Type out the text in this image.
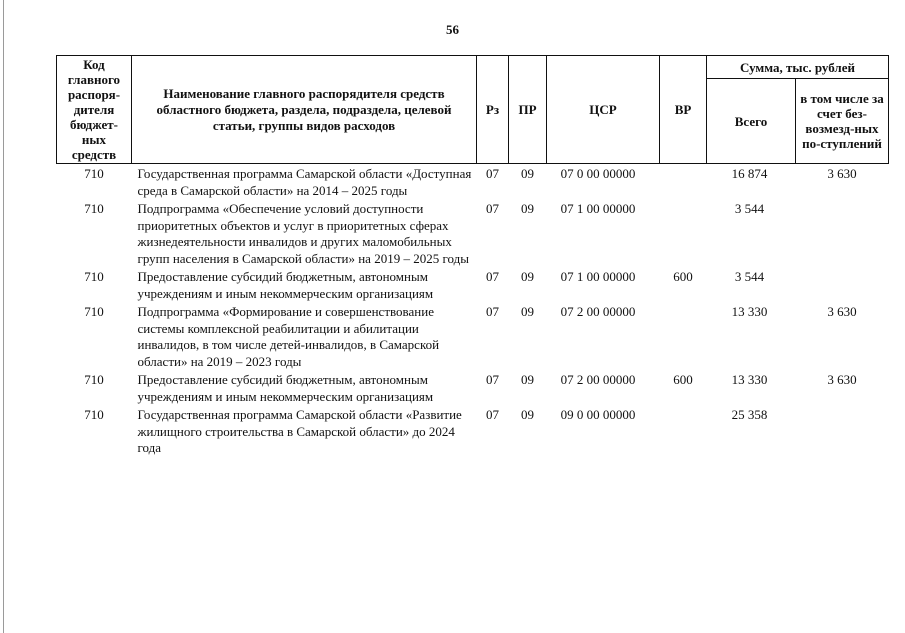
56
Код главного распоря-дителя бюджет-ных средств	Наименование главного распорядителя средств областного бюджета, раздела, подраздела, целевой статьи, группы видов расходов	Рз	ПР	ЦСР	ВР	Сумма, тыс. рублей	
						Всего	в том числе за счет без-возмезд-ных по-ступлений
710	Государственная программа Самарской области «Доступная среда в Самарской области» на 2014 – 2025 годы	07	09	07 0 00 00000		16 874	3 630
710	Подпрограмма «Обеспечение условий доступности приоритетных объектов и услуг в приоритетных сферах жизнедеятельности инвалидов и других маломобильных групп населения в Самарской области» на 2019 – 2025 годы	07	09	07 1 00 00000		3 544	
710	Предоставление субсидий бюджетным, автономным учреждениям и иным некоммерческим организациям	07	09	07 1 00 00000	600	3 544	
710	Подпрограмма «Формирование и совершенствование системы комплексной реабилитации и абилитации инвалидов, в том числе детей-инвалидов, в Самарской области» на 2019 – 2023 годы	07	09	07 2 00 00000		13 330	3 630
710	Предоставление субсидий бюджетным, автономным учреждениям и иным некоммерческим организациям	07	09	07 2 00 00000	600	13 330	3 630
710	Государственная программа Самарской области «Развитие жилищного строительства в Самарской области» до 2024 года	07	09	09 0 00 00000		25 358	
